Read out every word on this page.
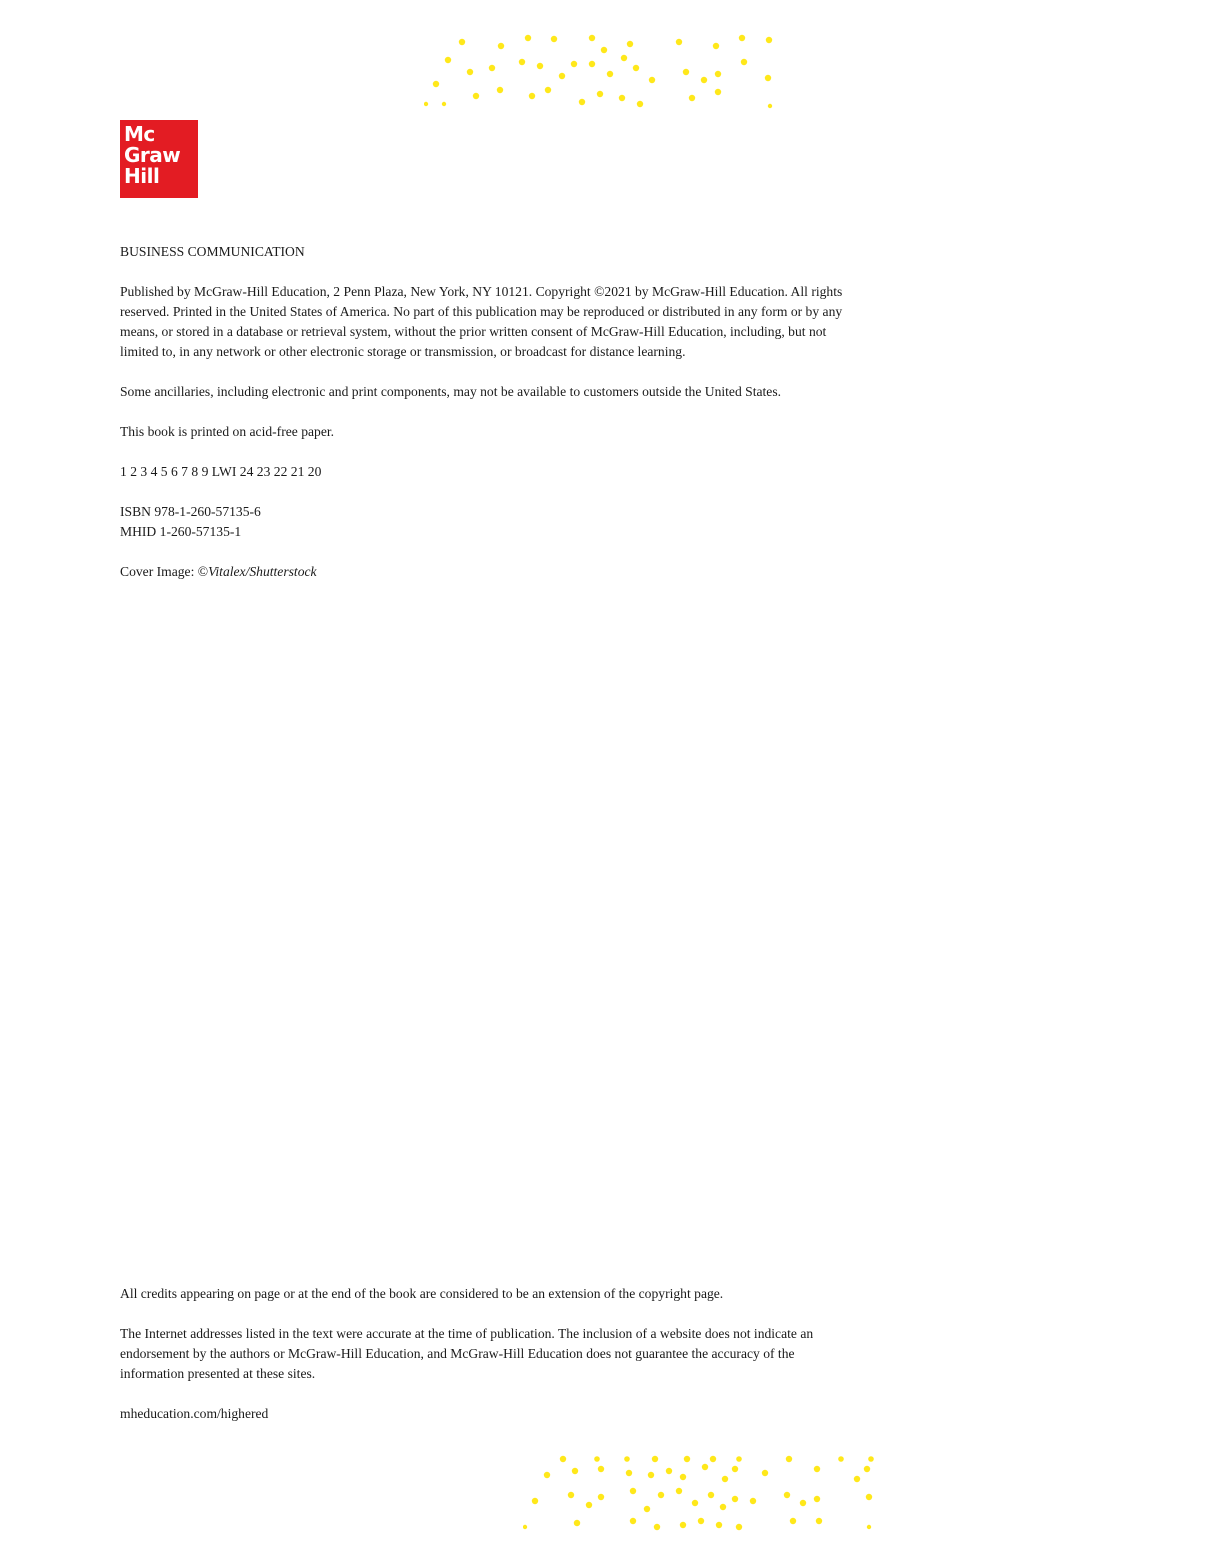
Mc
Graw
Hill

BUSINESS COMMUNICATION

Published by McGraw-Hill Education, 2 Penn Plaza, New York, NY 10121. Copyright ©2021 by McGraw-Hill Education. All rights reserved. Printed in the United States of America. No part of this publication may be reproduced or distributed in any form or by any means, or stored in a database or retrieval system, without the prior written consent of McGraw-Hill Education, including, but not limited to, in any network or other electronic storage or transmission, or broadcast for distance learning.

Some ancillaries, including electronic and print components, may not be available to customers outside the United States.

This book is printed on acid-free paper.

1 2 3 4 5 6 7 8 9 LWI 24 23 22 21 20

ISBN 978-1-260-57135-6

MHID 1-260-57135-1

Cover Image: ©Vitalex/Shutterstock

All credits appearing on page or at the end of the book are considered to be an extension of the copyright page.

The Internet addresses listed in the text were accurate at the time of publication. The inclusion of a website does not indicate an endorsement by the authors or McGraw-Hill Education, and McGraw-Hill Education does not guarantee the accuracy of the information presented at these sites.

mheducation.com/highered
